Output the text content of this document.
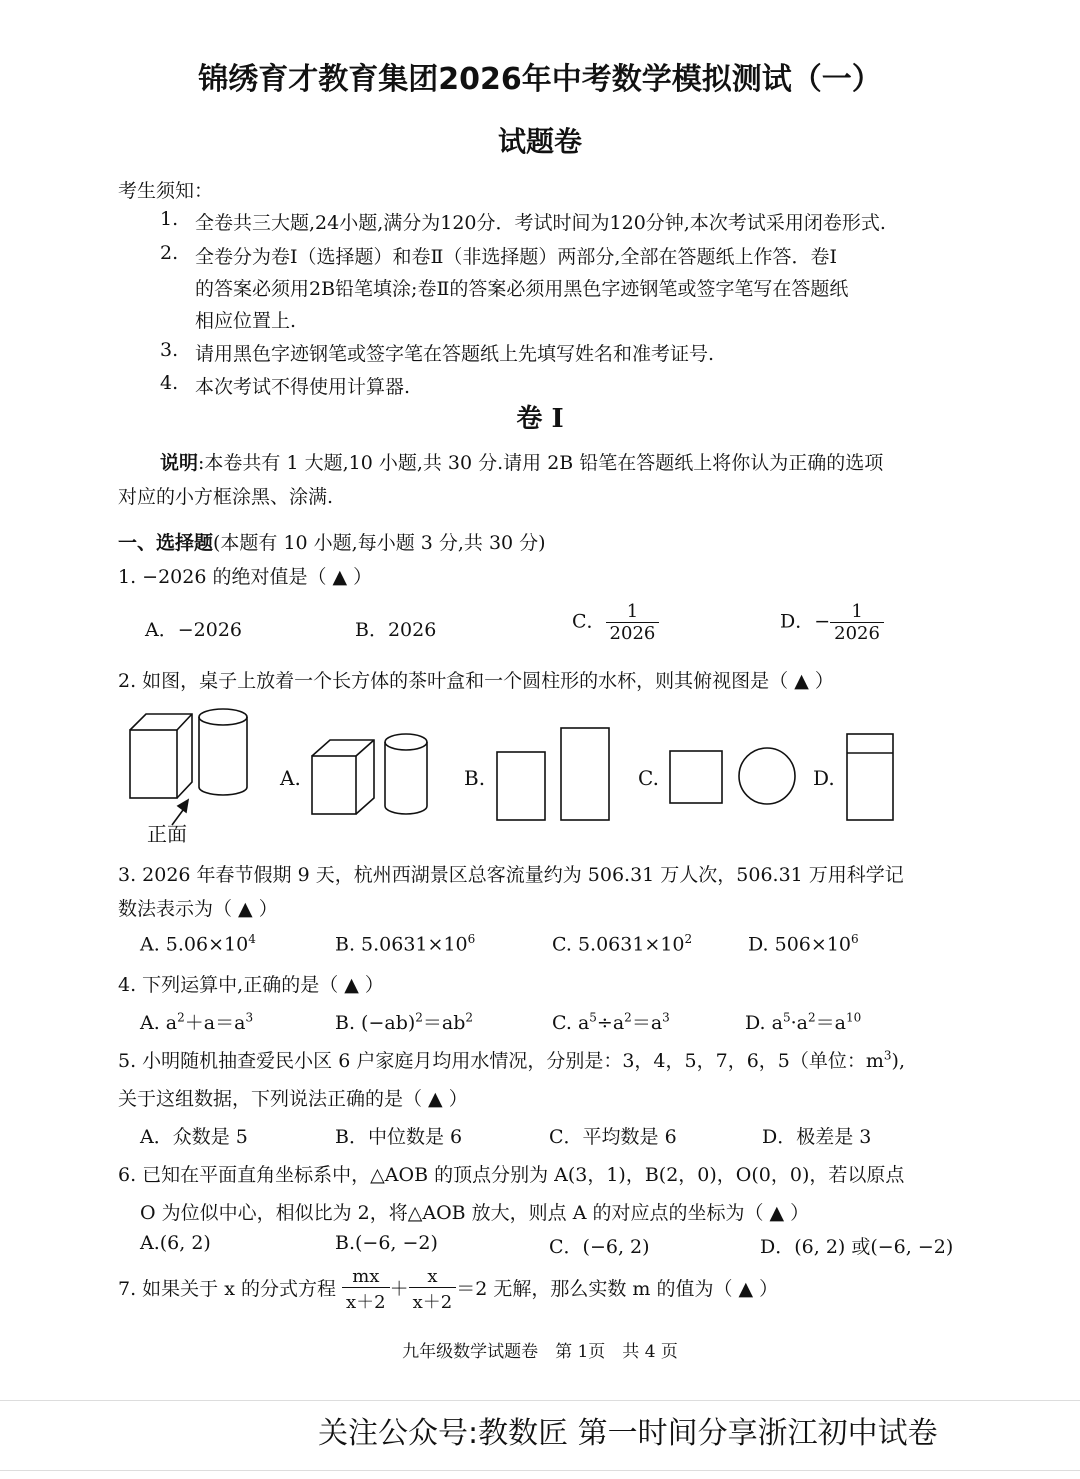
锦绣育才教育集团2026年中考数学模拟测试（一）
试题卷
考生须知：
1. 全卷共三大题,24小题,满分为120分．考试时间为120分钟,本次考试采用闭卷形式.
2. 全卷分为卷Ⅰ（选择题）和卷Ⅱ（非选择题）两部分,全部在答题纸上作答．卷Ⅰ
的答案必须用2B铅笔填涂;卷Ⅱ的答案必须用黑色字迹钢笔或签字笔写在答题纸
相应位置上.
3. 请用黑色字迹钢笔或签字笔在答题纸上先填写姓名和准考证号.
4. 本次考试不得使用计算器.
卷 Ⅰ
说明:本卷共有 1 大题,10 小题,共 30 分.请用 2B 铅笔在答题纸上将你认为正确的选项
对应的小方框涂黑、涂满.
一、选择题(本题有 10 小题,每小题 3 分,共 30 分)
1. −2026 的绝对值是（ ▲ ）
A．−2026	B．2026	C． $\frac{1}{2026}$	D．− $\frac{1}{2026}$
2. 如图，桌子上放着一个长方体的茶叶盒和一个圆柱形的水杯，则其俯视图是（ ▲ ）
正面
A.	B.	C.	D.
3. 2026 年春节假期 9 天，杭州西湖景区总客流量约为 506.31 万人次，506.31 万用科学记
数法表示为（ ▲ ）
A. $5.06\times 10^4$	B. $5.0631\times 10^6$	C. $5.0631\times 10^2$	D. $506\times 10^6$
4. 下列运算中,正确的是（ ▲ ）
A. $a^2+a=a^3$	B. $(-ab)^2=ab^2$	C. $a^5\div a^2=a^3$	D. $a^5\cdot a^2=a^{10}$
5. 小明随机抽查爱民小区 6 户家庭月均用水情况，分别是：3，4，5，7，6，5（单位：$m^3$),
关于这组数据，下列说法正确的是（ ▲ ）
A．众数是 5	B．中位数是 6	C．平均数是 6	D．极差是 3
6. 已知在平面直角坐标系中，△AOB 的顶点分别为 A(3，1)，B(2，0)，O(0，0)，若以原点
O 为位似中心，相似比为 2，将△AOB 放大，则点 A 的对应点的坐标为（ ▲ ）
A.(6, 2)	B.(−6, −2)	C．(−6, 2)	D．(6, 2) 或(−6, −2)
7. 如果关于 x 的分式方程 $\frac{mx}{x+2} + \frac{x}{x+2} =2$ 无解，那么实数 m 的值为（ ▲ ）
九年级数学试题卷　第 1页　共 4 页
关注公众号:教数匠 第一时间分享浙江初中试卷
